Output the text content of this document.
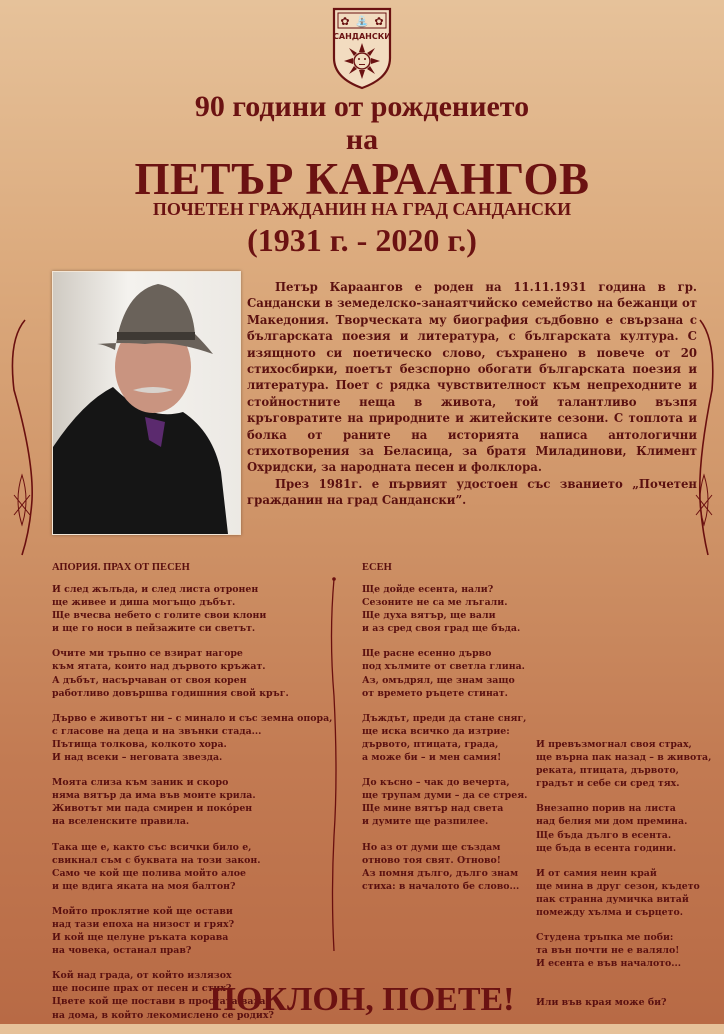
✿ ⛲ ✿
САНДАНСКИ
90 години от рождението
на
ПЕТЪР КАРААНГОВ
ПОЧЕТЕН ГРАЖДАНИН НА ГРАД САНДАНСКИ
(1931 г. - 2020 г.)

Петър Караангов е роден на 11.11.1931 година в гр. Сандански в земеделско-занаятчийско семейство на бежанци от Македония. Творческата му биография съдбовно е свързана с българската поезия и литература, с българската култура. С изящното си поетическо слово, съхранено в повече от 20 стихосбирки, поетът безспорно обогати българската поезия и литература. Поет с рядка чувствителност към непреходните и стойностните неща в живота, той талантливо възпя кръговратите на природните и житейските сезони. С топлота и болка от раните на историята написа антологични стихотворения за Беласица, за братя Миладинови, Климент Охридски, за народната песен и фолклора.

През 1981г. е първият удостоен със званието „Почетен гражданин на град Сандански”.

АПОРИЯ. ПРАХ ОТ ПЕСЕН
И след жълъда, и след листа отронен
ще живее и диша могъщо дъбът.
Ще вчесва небето с голите свои клони
и ще го носи в пейзажите си светът.
Очите ми трьпно се взират нагоре
към ятата, които над дървото кръжат.
А дъбът, насърчаван от своя корен
работливо довършва годишния свой кръг.
Дърво е животът ни – с минало и със земна опора,
с гласове на деца и на звънки стада...
Пътища толкова, колкото хора.
И над всеки – неговата звезда.
Моята слиза към заник и скоро
няма вятър да има във моите крила.
Животът ми пада смирен и покóрен
на вселенските правила.
Така ще е, както със всички било е,
свикнал съм с буквата на този закон.
Само че кой ще полива мойто алое
и ще вдига яката на моя балтон?
Мойто проклятие кой ще остави
над тази епоха на низост и грях?
И кой ще целуне ръката корава
на човека, останал прав?
Кой над града, от който излязох
ще посипе прах от песен и стих?
Цвете кой ще постави в простата ваза
на дома, в който лекомислено се родих?
ЕСЕН
Ще дойде есента, нали?
Сезоните не са ме лъгали.
Ще духа вятър, ще вали
и аз сред своя град ще бъда.
Ще расне есенно дърво
под хълмите от светла глина.
Аз, омъдрял, ще знам защо
от времето ръцете стинат.
Дъждът, преди да стане сняг,
ще иска всичко да изтрие:
дървото, птицата, града,
а може би – и мен самия!
До късно – чак до вечерта,
ще трупам думи – да се стрея.
Ще мине вятър над света
и думите ще разпилее.
Но аз от думи ще създам
отново тоя свят. Отново!
Аз помня дълго, дълго знам
стиха: в началото бе слово...
И превъзмогнал своя страх,
ще върна пак назад – в живота,
реката, птицата, дървото,
градът и себе си сред тях.
Внезапно порив на листа
над белия ми дом премина.
Ще бъда дълго в есента.
ще бъда в есента години.
И от самия неин край
ще мина в друг сезон, където
пак странна думичка витай
помежду хълма и сърцето.
Студена тръпка ме поби:
та вън почти не е валяло!
И есента е във началото...
Или във края може би?
ПОКЛОН, ПОЕТЕ!
